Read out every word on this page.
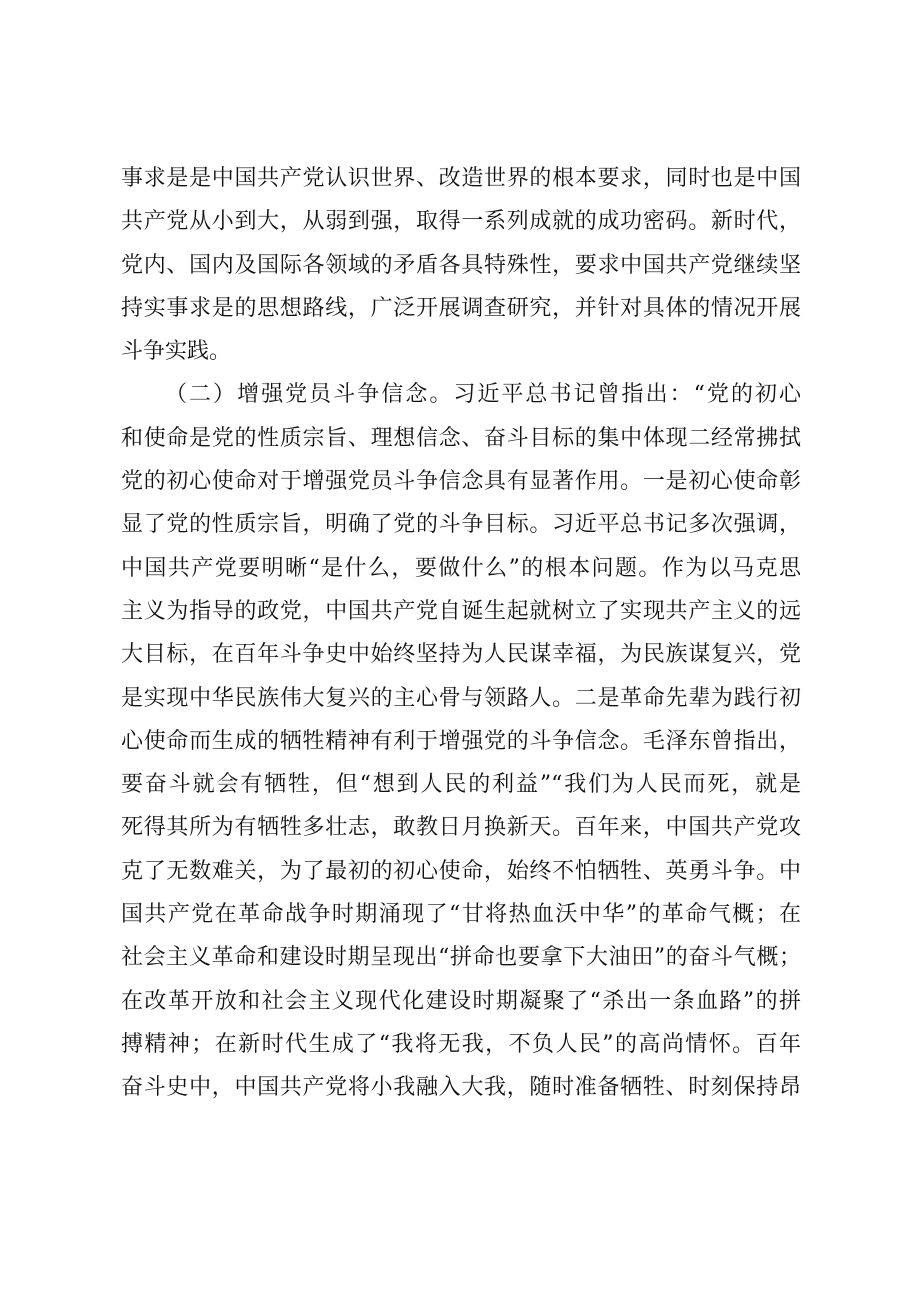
事求是是中国共产党认识世界、改造世界的根本要求，同时也是中国
共产党从小到大，从弱到强，取得一系列成就的成功密码。新时代，
党内、国内及国际各领域的矛盾各具特殊性，要求中国共产党继续坚
持实事求是的思想路线，广泛开展调查研究，并针对具体的情况开展
斗争实践。
（二）增强党员斗争信念。习近平总书记曾指出：“党的初心
和使命是党的性质宗旨、理想信念、奋斗目标的集中体现二经常拂拭
党的初心使命对于增强党员斗争信念具有显著作用。一是初心使命彰
显了党的性质宗旨，明确了党的斗争目标。习近平总书记多次强调，
中国共产党要明晰“是什么，要做什么”的根本问题。作为以马克思
主义为指导的政党，中国共产党自诞生起就树立了实现共产主义的远
大目标，在百年斗争史中始终坚持为人民谋幸福，为民族谋复兴，党
是实现中华民族伟大复兴的主心骨与领路人。二是革命先辈为践行初
心使命而生成的牺牲精神有利于增强党的斗争信念。毛泽东曾指出，
要奋斗就会有牺牲，但“想到人民的利益”“我们为人民而死，就是
死得其所为有牺牲多壮志，敢教日月换新天。百年来，中国共产党攻
克了无数难关，为了最初的初心使命，始终不怕牺牲、英勇斗争。中
国共产党在革命战争时期涌现了“甘将热血沃中华”的革命气概；在
社会主义革命和建设时期呈现出“拼命也要拿下大油田”的奋斗气概；
在改革开放和社会主义现代化建设时期凝聚了“杀出一条血路”的拼
搏精神；在新时代生成了“我将无我，不负人民”的高尚情怀。百年
奋斗史中，中国共产党将小我融入大我，随时准备牺牲、时刻保持昂
